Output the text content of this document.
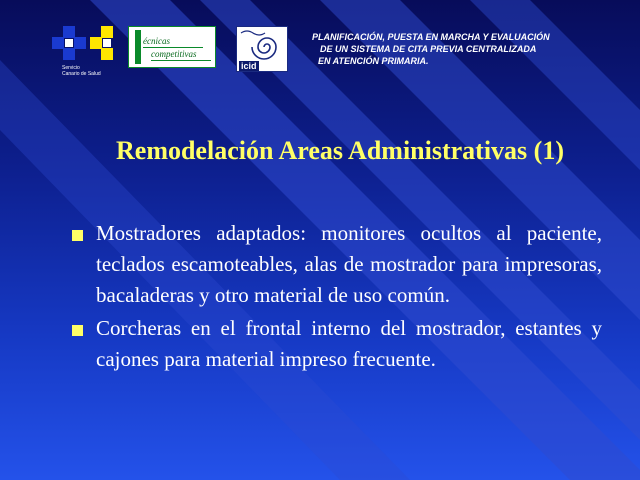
Servicio
Canario de Salud
écnicas
competitivas
icid
PLANIFICACIÓN, PUESTA EN MARCHA Y EVALUACIÓN
DE UN SISTEMA DE CITA PREVIA CENTRALIZADA
EN ATENCIÓN PRIMARIA.
Remodelación Areas Administrativas (1)
Mostradores adaptados: monitores ocultos al paciente, teclados escamoteables, alas de mostrador para impresoras, bacaladeras y otro material de uso común.
Corcheras en el frontal interno del mostrador, estantes y cajones para material impreso frecuente.
